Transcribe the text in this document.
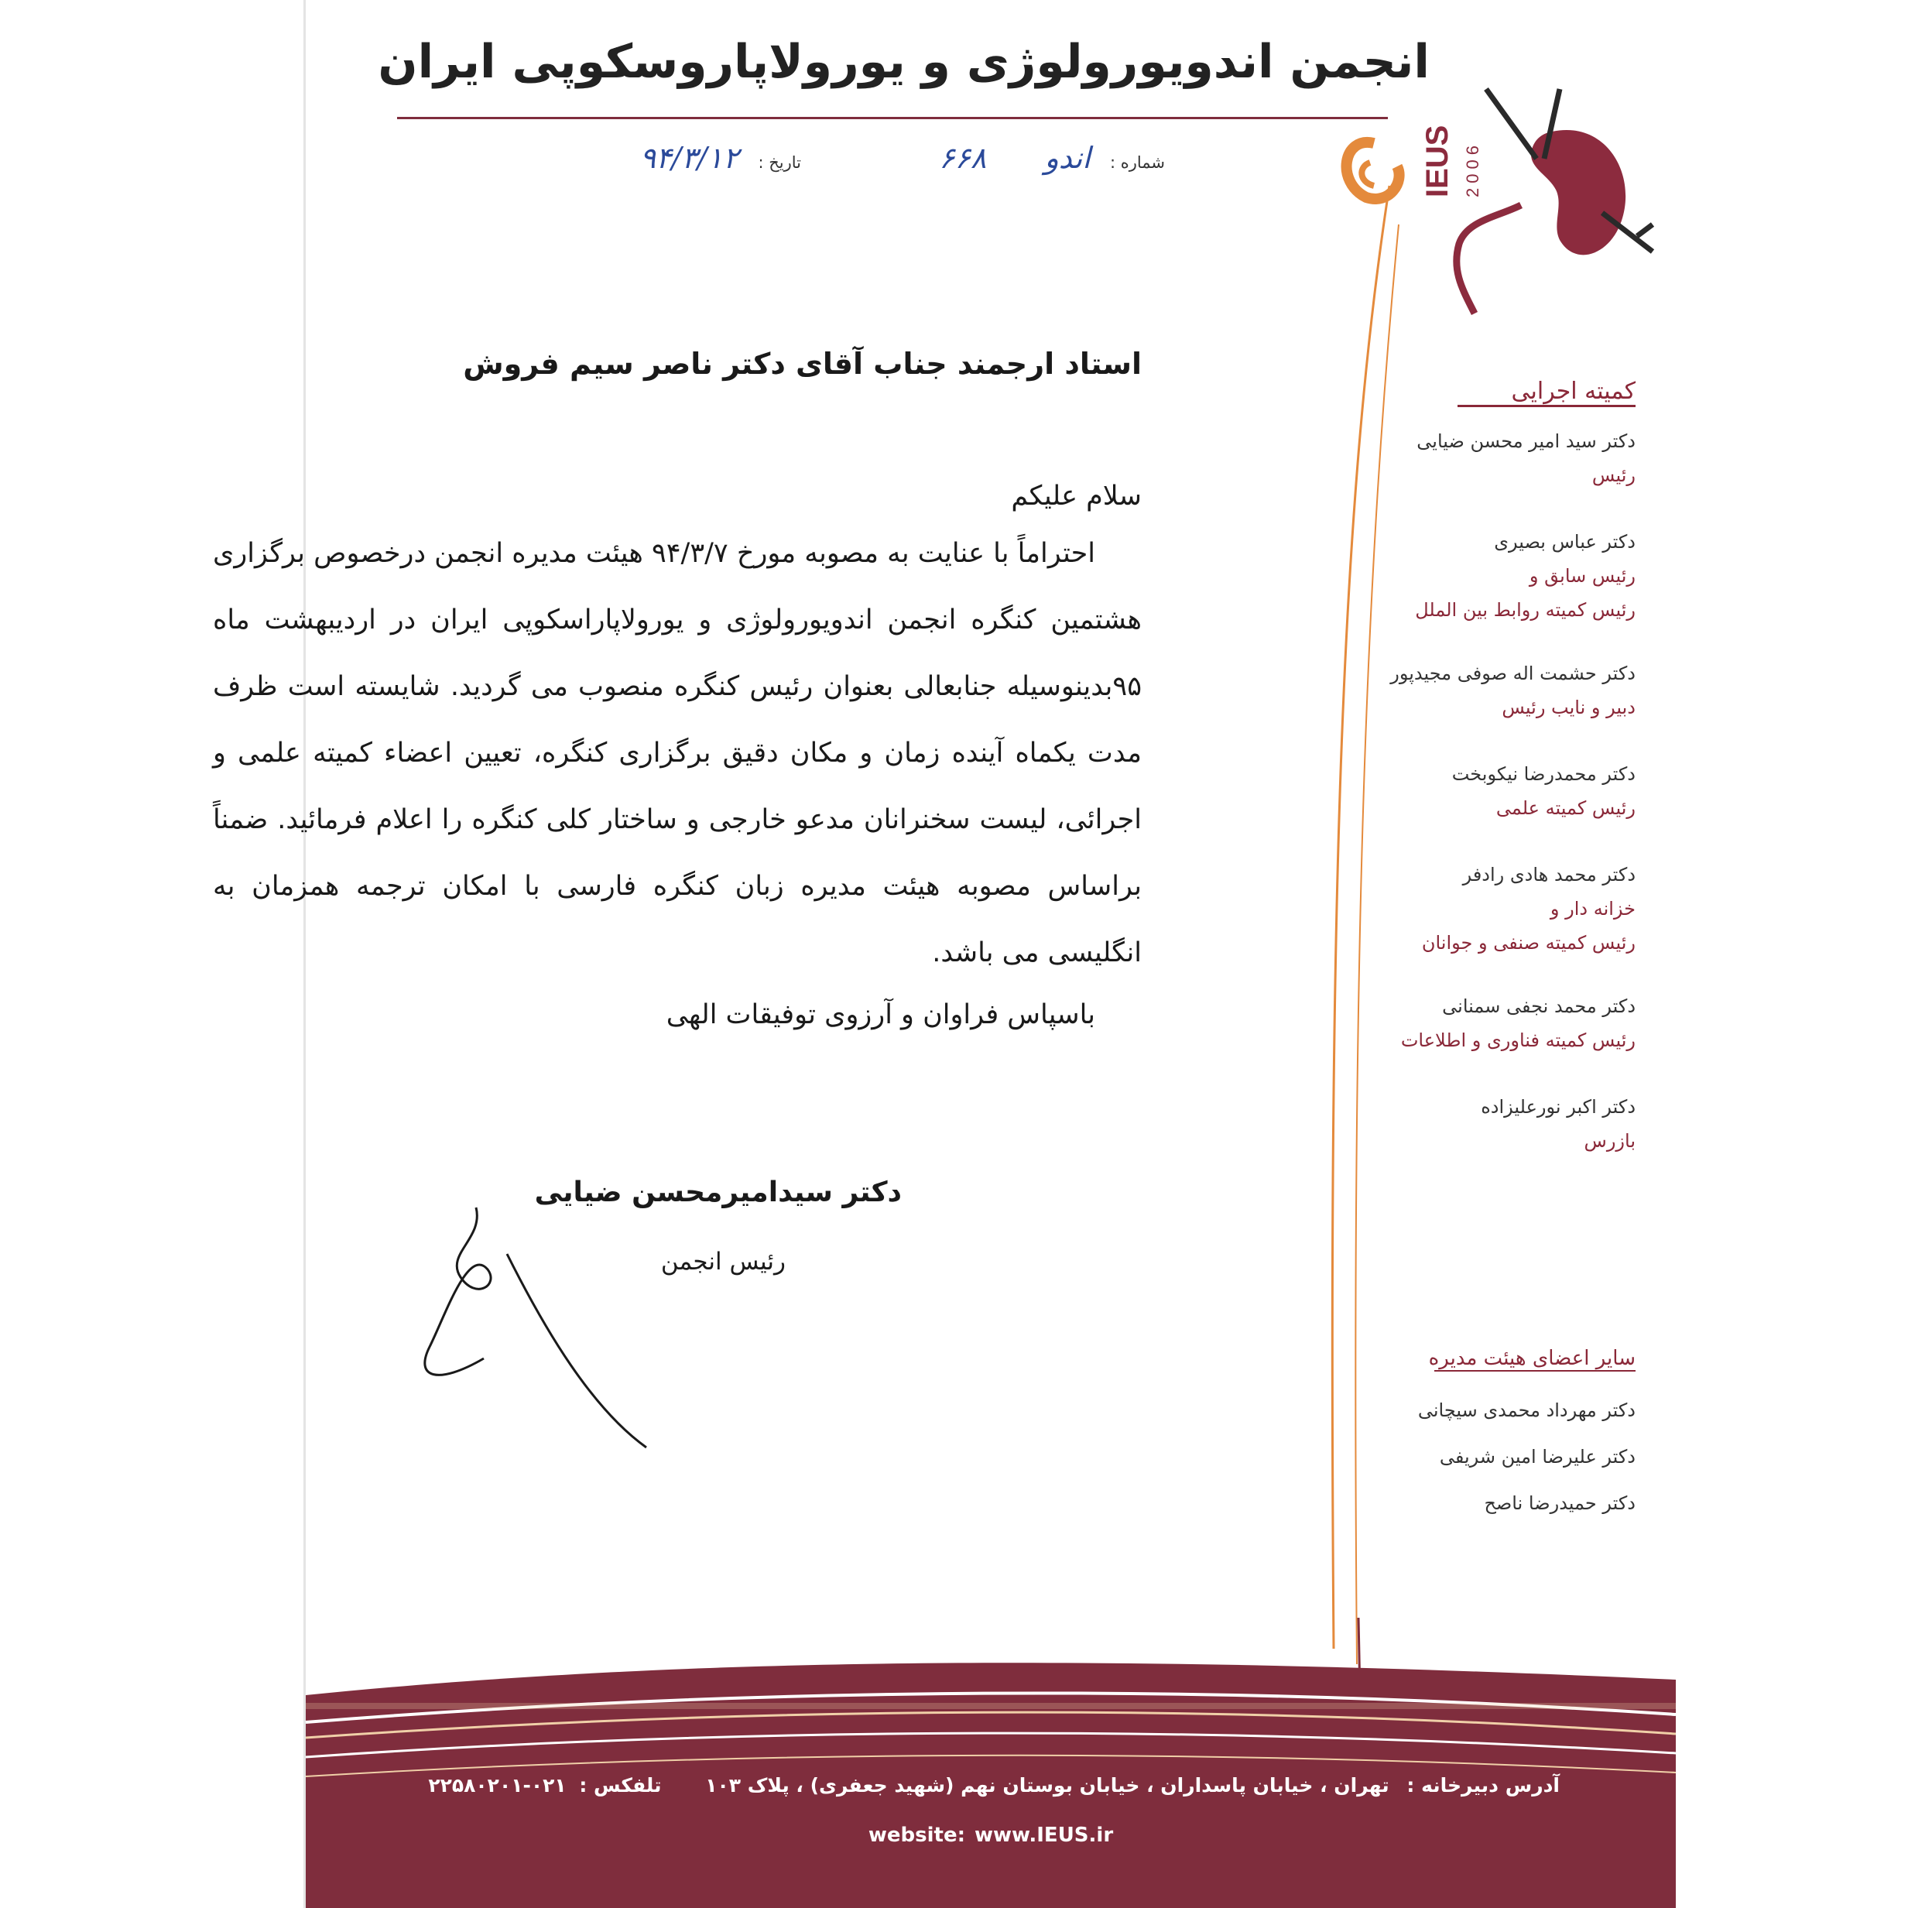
انجمن اندویورولوژی و یورولاپاروسکوپی ایران
شماره : اندو ۶۶۸
تاریخ : ۹۴/۳/۱۲	IEUS 2006
استاد ارجمند جناب آقای دکتر ناصر سیم فروش
سلام علیکم
احتراماً با عنایت به مصوبه مورخ ۹۴/۳/۷ هیئت مدیره انجمن درخصوص برگزاری هشتمین کنگره انجمن اندویورولوژی و یورولاپاراسکوپی ایران در اردیبهشت ماه ۹۵بدینوسیله جنابعالی بعنوان رئیس کنگره منصوب می گردید. شایسته است ظرف مدت یکماه آینده زمان و مکان دقیق برگزاری کنگره، تعیین اعضاء کمیته علمی و اجرائی، لیست سخنرانان مدعو خارجی و ساختار کلی کنگره را اعلام فرمائید. ضمناً براساس مصوبه هیئت مدیره زبان کنگره فارسی با امکان ترجمه همزمان به انگلیسی می باشد.
باسپاس فراوان و آرزوی توفیقات الهی
دکتر سیدامیرمحسن ضیایی
رئیس انجمن
کمیته اجرایی
دکتر سید امیر محسن ضیایی
رئیس
دکتر عباس بصیری
رئیس سابق و
رئیس کمیته روابط بین الملل
دکتر حشمت اله صوفی مجیدپور
دبیر و نایب رئیس
دکتر محمدرضا نیکوبخت
رئیس کمیته علمی
دکتر محمد هادی رادفر
خزانه دار و
رئیس کمیته صنفی و جوانان
دکتر محمد نجفی سمنانی
رئیس کمیته فناوری و اطلاعات
دکتر اکبر نورعلیزاده
بازرس
سایر اعضای هیئت مدیره
دکتر مهرداد محمدی سیچانی
دکتر علیرضا امین شریفی
دکتر حمیدرضا ناصح
آدرس دبیرخانه : تهران ، خیابان پاسداران ، خیابان بوستان نهم (شهید جعفری) ، پلاک ۱۰۳ تلفکس : ۰۲۱-۲۲۵۸۰۲۰۱
website: www.IEUS.ir
